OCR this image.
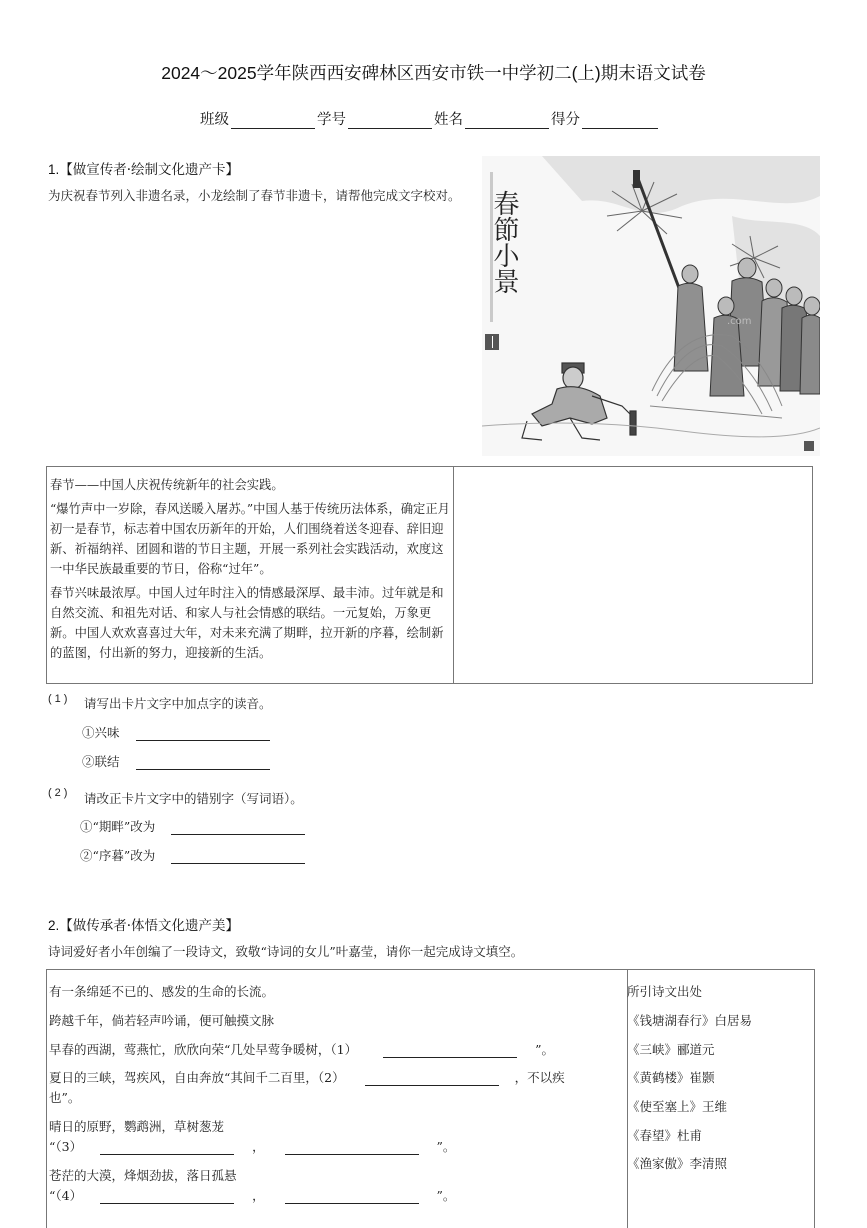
2024～2025学年陕西西安碑林区西安市铁一中学初二(上)期末语文试卷
班级	学号	姓名	得分
1.【做宣传者·绘制文化遗产卡】
为庆祝春节列入非遗名录，小龙绘制了春节非遗卡，请帮他完成文字校对。 春節小景
.com

春节——中国人庆祝传统新年的社会实践。

“爆竹声中一岁除，春风送暖入屠苏。”中国人基于传统历法体系，确定正月初一是春节，标志着中国农历新年的开始，人们围绕着送冬迎春、辞旧迎新、祈福纳祥、团圆和谐的节日主题，开展一系列社会实践活动，欢度这一中华民族最重要的节日，俗称“过年”。

春节兴味最浓厚。中国人过年时注入的情感最深厚、最丰沛。过年就是和自然交流、和祖先对话、和家人与社会情感的联结。一元复始，万象更新。中国人欢欢喜喜过大年，对未来充满了期畔，拉开新的序暮，绘制新的蓝图，付出新的努力，迎接新的生活。

(1) 请写出卡片文字中加点字的读音。
①兴味
②联结
(2) 请改正卡片文字中的错别字（写词语）。
①“期畔”改为
②“序暮”改为
2.【做传承者·体悟文化遗产美】
诗词爱好者小年创编了一段诗文，致敬“诗词的女儿”叶嘉莹，请你一起完成诗文填空。
有一条绵延不已的、感发的生命的长流。
跨越千年，倘若轻声吟诵，便可触摸文脉
早春的西湖，莺燕忙，欣欣向荣“几处早莺争暖树，（1）	”。
夏日的三峡，驾疾风，自由奔放“其间千二百里，（2）	，不以疾
也”。
晴日的原野，鹦鹉洲，草树葱茏
“（3）	，	”。
苍茫的大漠，烽烟劲拔，落日孤悬
“（4）	，	”。
所引诗文出处
《钱塘湖春行》白居易
《三峡》郦道元
《黄鹤楼》崔颢
《使至塞上》王维
《春望》杜甫
《渔家傲》李清照
